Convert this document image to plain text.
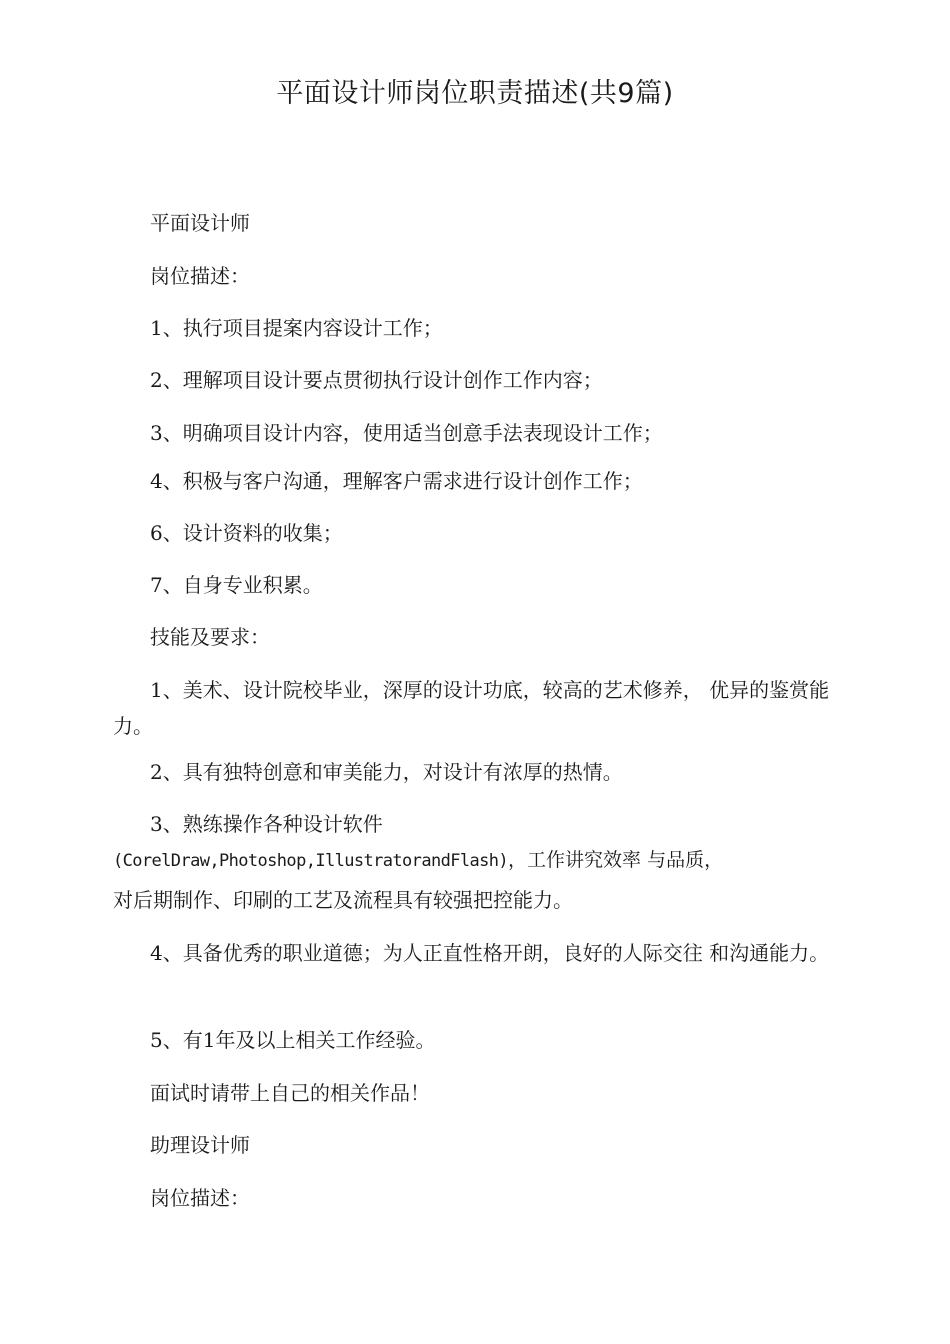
平面设计师岗位职责描述(共9篇)
平面设计师
岗位描述：
1、执行项目提案内容设计工作；
2、理解项目设计要点贯彻执行设计创作工作内容；
3、明确项目设计内容，使用适当创意手法表现设计工作；
4、积极与客户沟通，理解客户需求进行设计创作工作；
6、设计资料的收集；
7、自身专业积累。
技能及要求：
1、美术、设计院校毕业，深厚的设计功底，较高的艺术修养， 优异的鉴赏能力。
2、具有独特创意和审美能力，对设计有浓厚的热情。
3、熟练操作各种设计软件
(CorelDraw,Photoshop,IllustratorandFlash)，工作讲究效率 与品质，
对后期制作、印刷的工艺及流程具有较强把控能力。
4、具备优秀的职业道德；为人正直性格开朗，良好的人际交往 和沟通能力。
5、有1年及以上相关工作经验。
面试时请带上自己的相关作品！
助理设计师
岗位描述：
